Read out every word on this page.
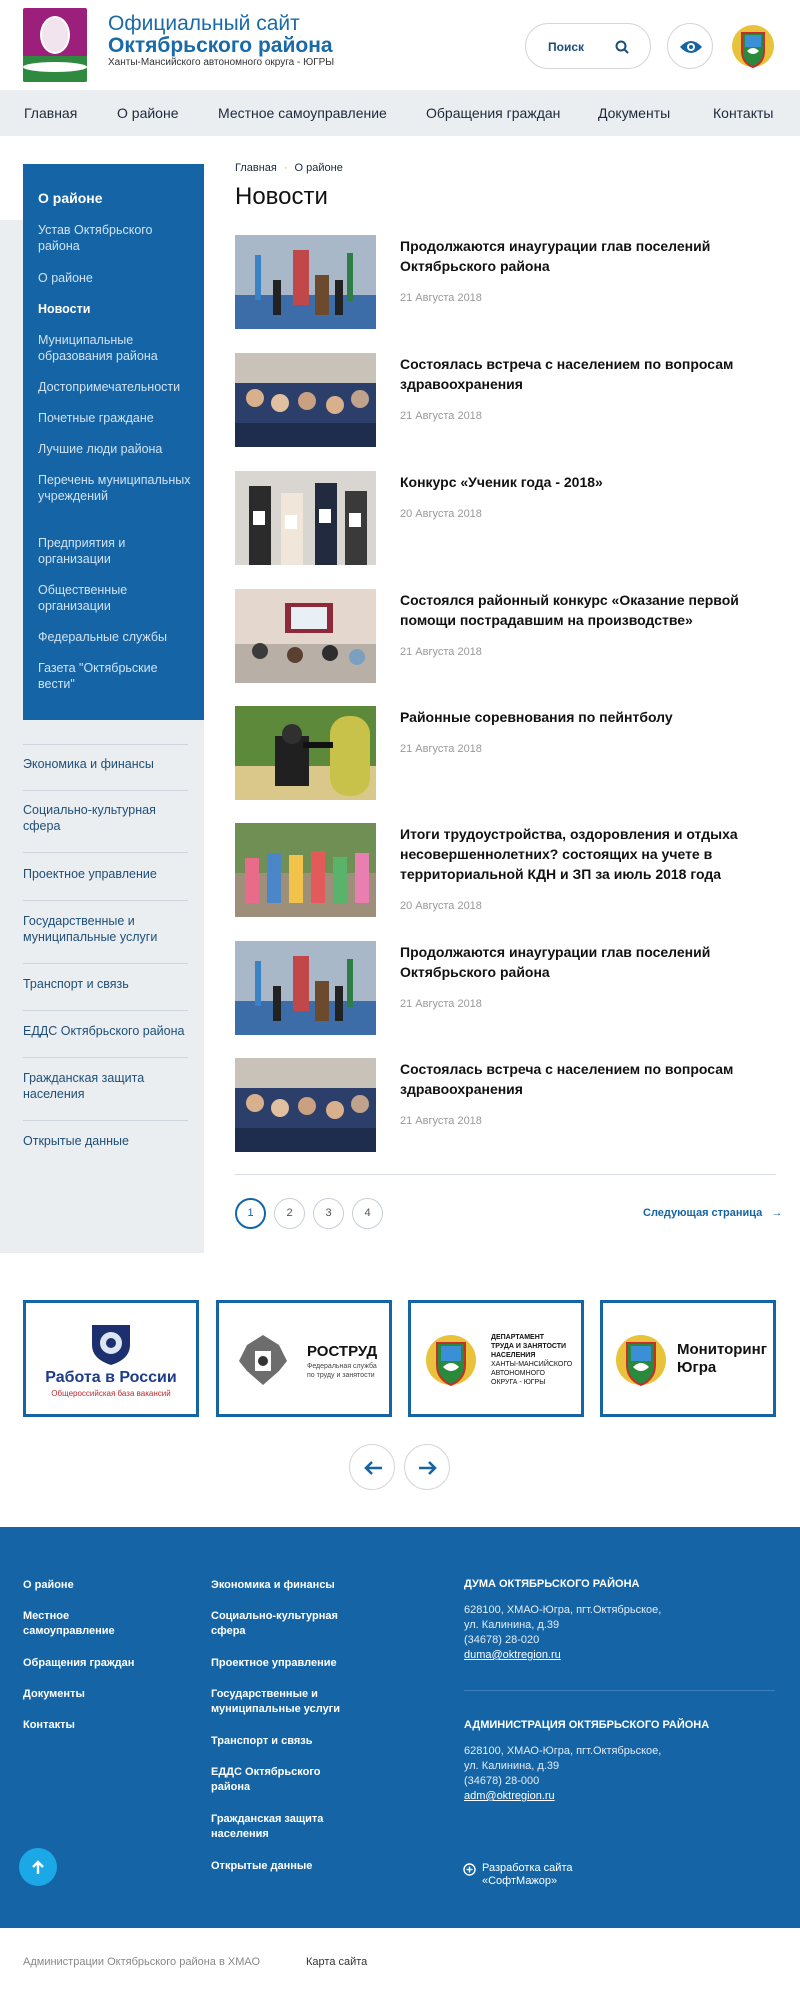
Официальный сайт
Октябрьского района
Ханты-Мансийского автономного округа - ЮГРЫ
Поиск
Главная	О районе	Местное самоуправление	Обращения граждан	Документы	Контакты
О районе
Устав Октябрьского района
О районе
Новости
Муниципальные образования района
Достопримечательности
Почетные граждане
Лучшие люди района
Перечень муниципальных учреждений
Предприятия и организации
Общественные организации
Федеральные службы
Газета "Октябрьские вести"
Экономика и финансы
Социально-культурная сфера
Проектное управление
Государственные и муниципальные услуги
Транспорт и связь
ЕДДС Октябрьского района
Гражданская защита населения
Открытые данные
Главная · О районе
Новости
Продолжаются инаугурации глав поселений Октябрьского района
21 Августа 2018
Состоялась встреча с населением по вопросам здравоохранения
21 Августа 2018
Конкурс «Ученик года - 2018»
20 Августа 2018
Состоялся районный конкурс «Оказание первой помощи пострадавшим на производстве»
21 Августа 2018
Районные соревнования по пейнтболу
21 Августа 2018
Итоги трудоустройства, оздоровления и отдыха несовершеннолетних? состоящих на учете в территориальной КДН и ЗП за июль 2018 года
20 Августа 2018
Продолжаются инаугурации глав поселений Октябрьского района
21 Августа 2018
Состоялась встреча с населением по вопросам здравоохранения
21 Августа 2018
1	2	3	4	Следующая страница   →
Работа в России
Общероссийская база вакансий
РОСТРУД
Федеральная служба
по труду и занятости
ДЕПАРТАМЕНТ
ТРУДА И ЗАНЯТОСТИ
НАСЕЛЕНИЯ
ХАНТЫ-МАНСИЙСКОГО
АВТОНОМНОГО
ОКРУГА - ЮГРЫ
Мониторинг
Югра
О районе
Местное самоуправление
Обращения граждан
Документы
Контакты
Экономика и финансы
Социально-культурная сфера
Проектное управление
Государственные и муниципальные услуги
Транспорт и связь
ЕДДС Октябрьского района
Гражданская защита населения
Открытые данные
ДУМА ОКТЯБРЬСКОГО РАЙОНА
628100, ХМАО-Югра, пгт.Октябрьское,
ул. Калинина, д.39
(34678) 28-020
duma@oktregion.ru
АДМИНИСТРАЦИЯ ОКТЯБРЬСКОГО РАЙОНА
628100, ХМАО-Югра, пгт.Октябрьское,
ул. Калинина, д.39
(34678) 28-000
adm@oktregion.ru
Разработка сайта
«СофтМажор»
Администрации Октябрьского района в ХМАО	Карта сайта
